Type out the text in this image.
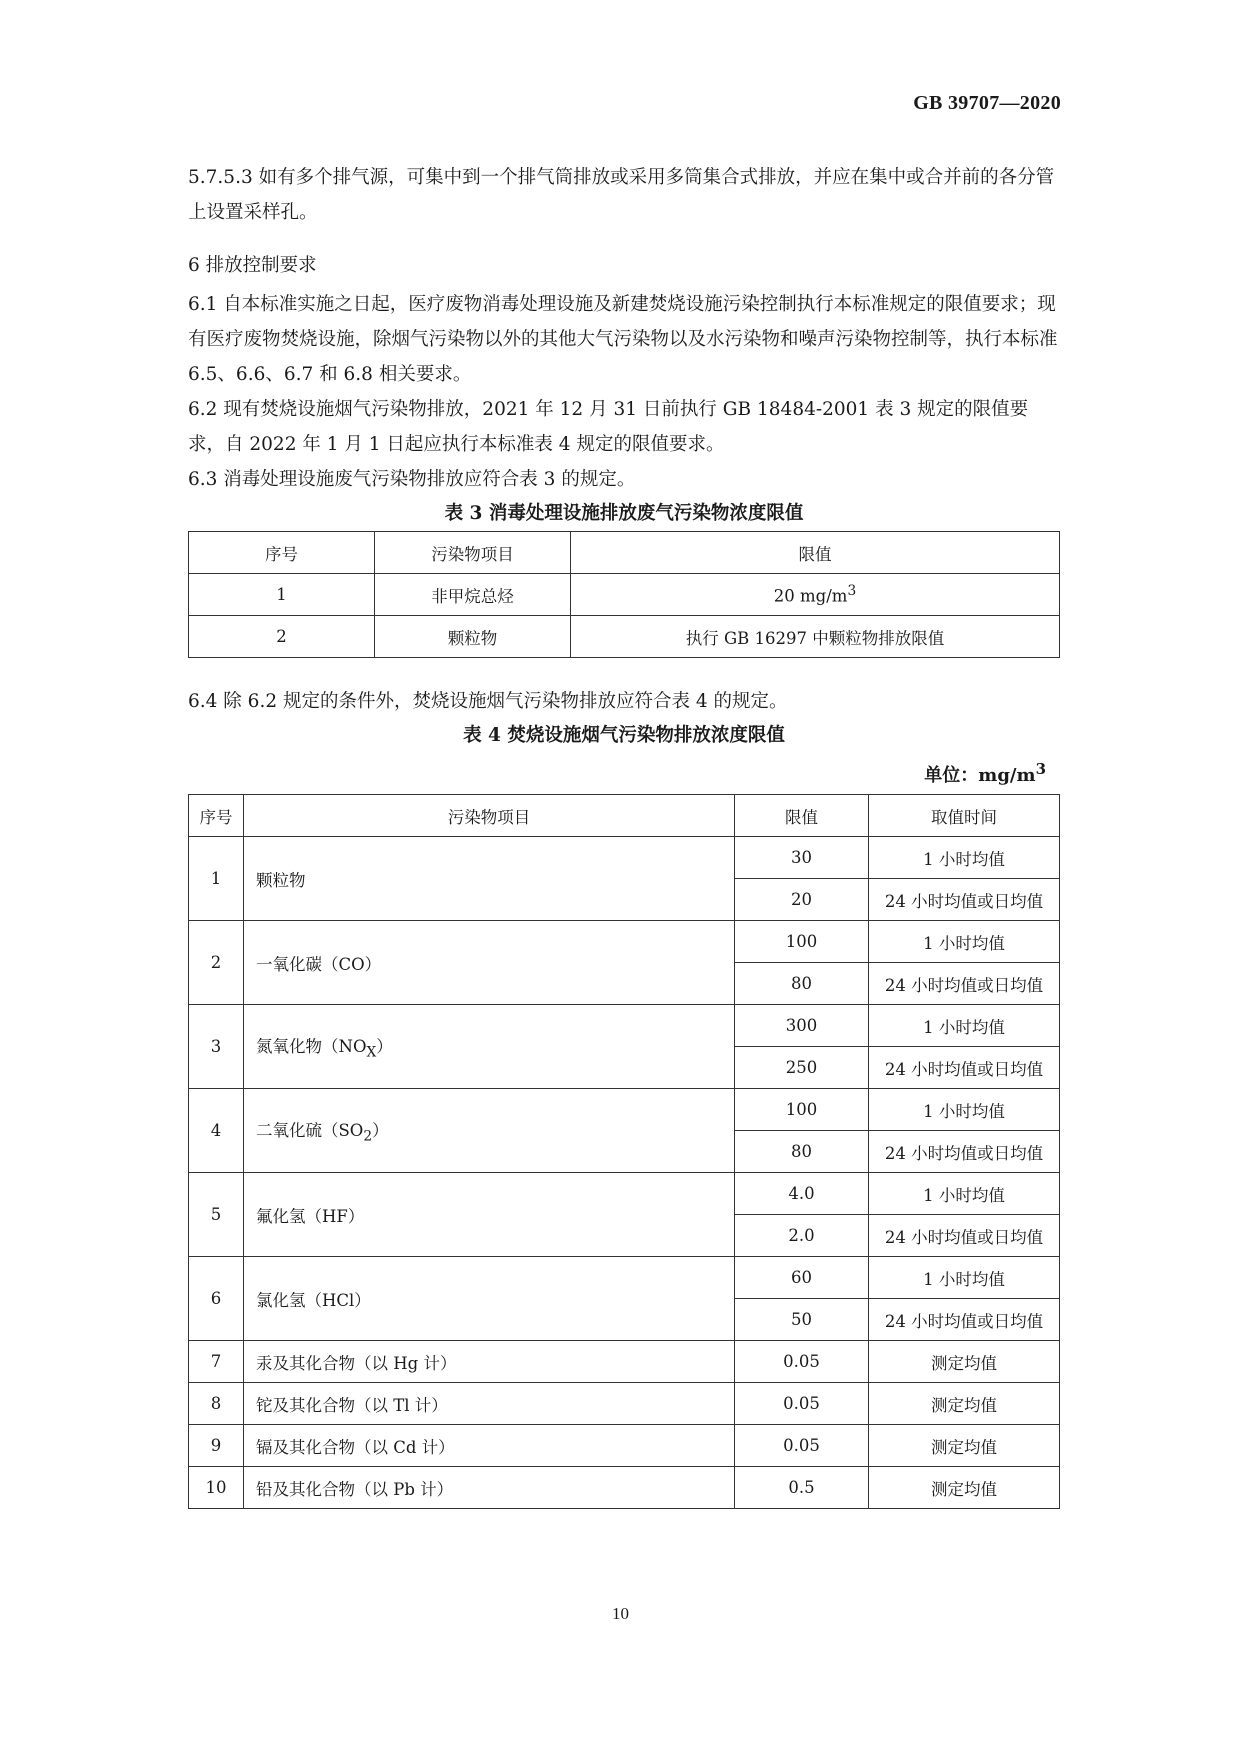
GB 39707—2020

5.7.5.3 如有多个排气源，可集中到一个排气筒排放或采用多筒集合式排放，并应在集中或合并前的各分管上设置采样孔。

6 排放控制要求

6.1 自本标准实施之日起，医疗废物消毒处理设施及新建焚烧设施污染控制执行本标准规定的限值要求；现有医疗废物焚烧设施，除烟气污染物以外的其他大气污染物以及水污染物和噪声污染物控制等，执行本标准 6.5、6.6、6.7 和 6.8 相关要求。

6.2 现有焚烧设施烟气污染物排放，2021 年 12 月 31 日前执行 GB 18484-2001 表 3 规定的限值要求，自 2022 年 1 月 1 日起应执行本标准表 4 规定的限值要求。

6.3 消毒处理设施废气污染物排放应符合表 3 的规定。

表 3 消毒处理设施排放废气污染物浓度限值
序号	污染物项目	限值
1	非甲烷总烃	20 $mg/m^3$
2	颗粒物	执行 GB 16297 中颗粒物排放限值

6.4 除 6.2 规定的条件外，焚烧设施烟气污染物排放应符合表 4 的规定。

表 4 焚烧设施烟气污染物排放浓度限值
单位：$mg/m^3$
序号	污染物项目	限值	取值时间
1	颗粒物	30	1 小时均值
		20	24 小时均值或日均值
2	一氧化碳（CO）	100	1 小时均值
		80	24 小时均值或日均值
3	氮氧化物$(NO_X)$	300	1 小时均值
		250	24 小时均值或日均值
4	二氧化硫$(SO_2)$	100	1 小时均值
		80	24 小时均值或日均值
5	氟化氢（HF）	4.0	1 小时均值
		2.0	24 小时均值或日均值
6	氯化氢（HCl）	60	1 小时均值
		50	24 小时均值或日均值
7	汞及其化合物（以 Hg 计）	0.05	测定均值
8	铊及其化合物（以 Tl 计）	0.05	测定均值
9	镉及其化合物（以 Cd 计）	0.05	测定均值
10	铅及其化合物（以 Pb 计）	0.5	测定均值
10
